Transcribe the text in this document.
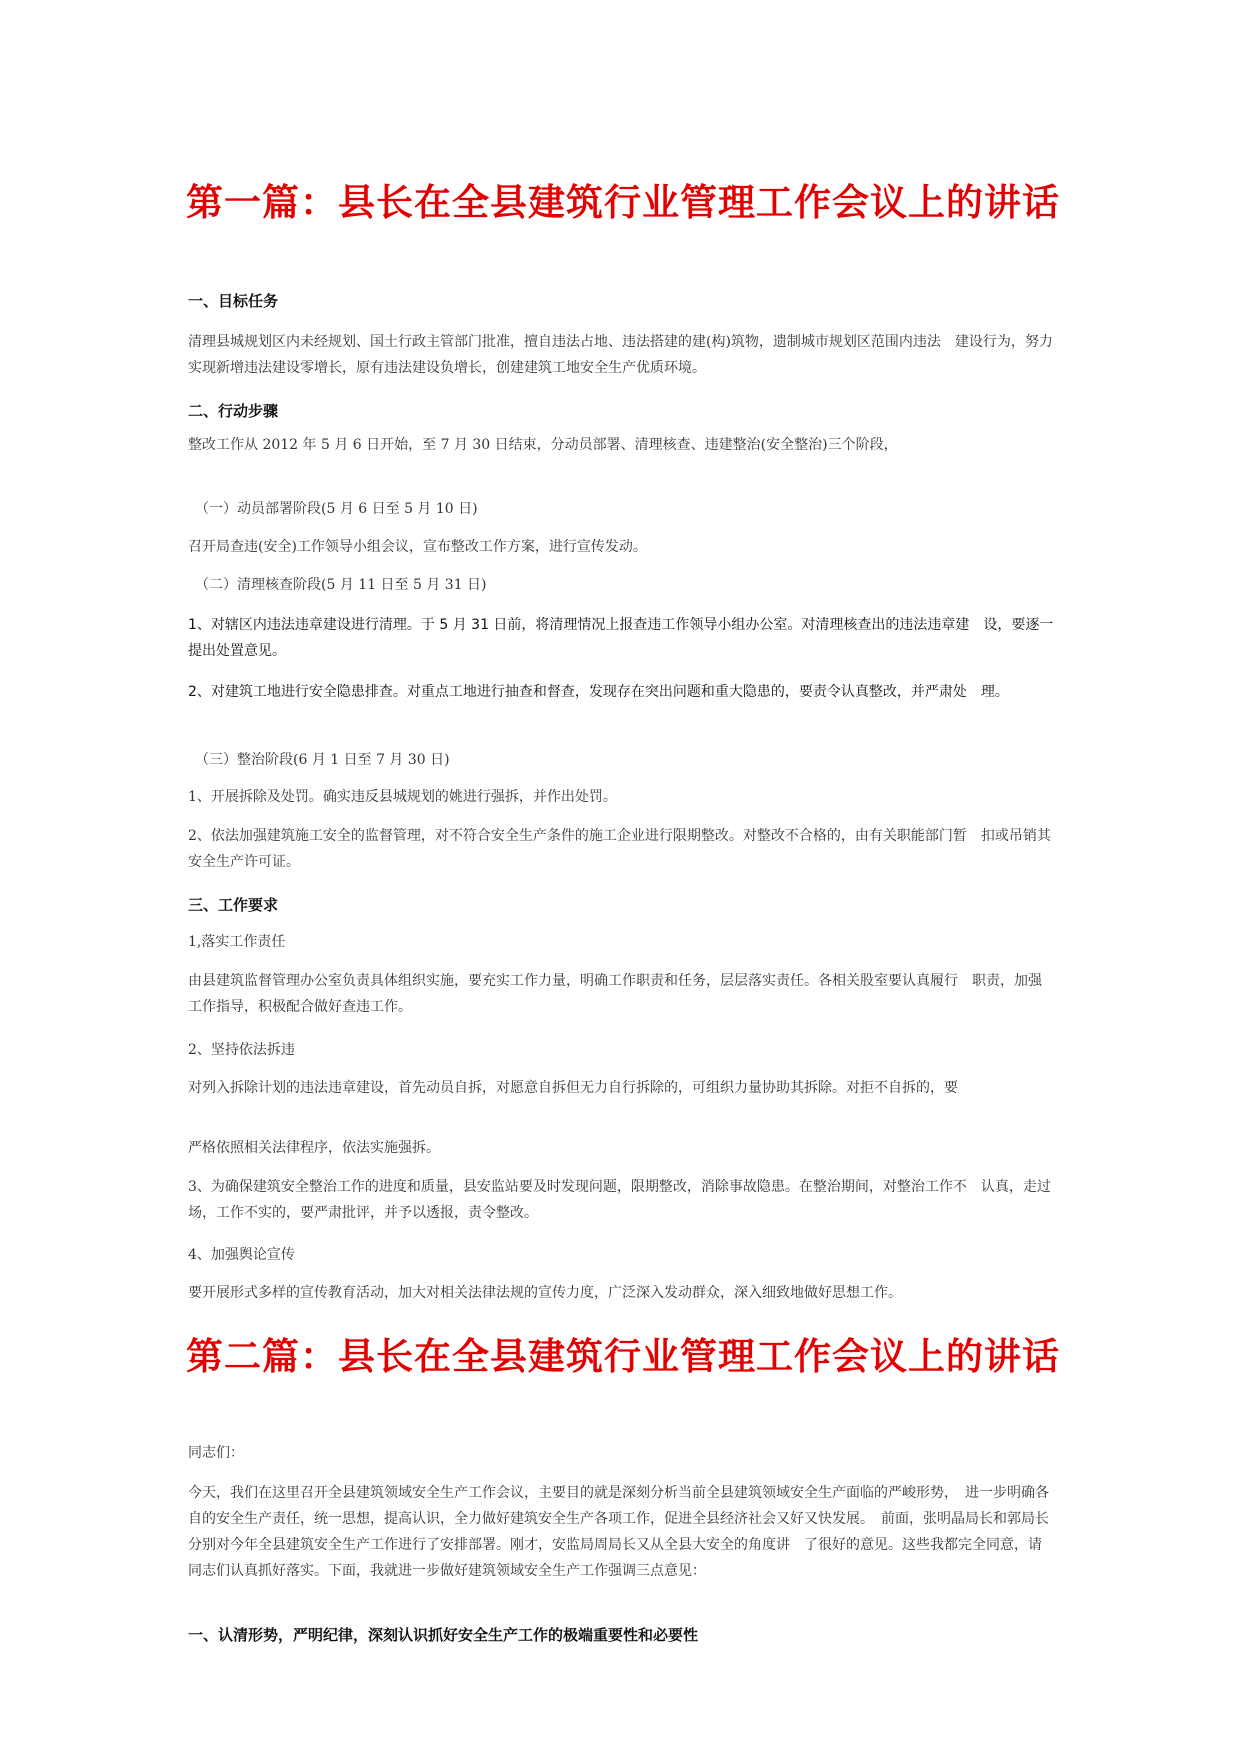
第一篇：县长在全县建筑行业管理工作会议上的讲话
一、目标任务

清理县城规划区内未经规划、国土行政主管部门批准，擅自违法占地、违法搭建的建(构)筑物，遗制城市规划区范围内违法　建设行为，努力实现新增违法建设零增长，原有违法建设负增长，创建建筑工地安全生产优质环境。

二、行动步骤

整改工作从 2012 年 5 月 6 日开始，至 7 月 30 日结束，分动员部署、清理核查、违建整治(安全整治)三个阶段，

（一）动员部署阶段(5 月 6 日至 5 月 10 日)

召开局查违(安全)工作领导小组会议，宣布整改工作方案，进行宣传发动。

（二）清理核查阶段(5 月 11 日至 5 月 31 日)

1、对辖区内违法违章建设进行清理。于 5 月 31 日前，将清理情况上报查违工作领导小组办公室。对清理核查出的违法违章建　设，要逐一提出处置意见。

2、对建筑工地进行安全隐患排查。对重点工地进行抽查和督查，发现存在突出问题和重大隐患的，要责令认真整改，并严肃处　理。

（三）整治阶段(6 月 1 日至 7 月 30 日)

1、开展拆除及处罚。确实违反县城规划的姚进行强拆，并作出处罚。

2、依法加强建筑施工安全的监督管理，对不符合安全生产条件的施工企业进行限期整改。对整改不合格的，由有关职能部门暂　扣或吊销其安全生产许可证。

三、工作要求

1,落实工作责任

由县建筑监督管理办公室负责具体组织实施，要充实工作力量，明确工作职责和任务，层层落实责任。各相关股室要认真履行　职责，加强工作指导，积极配合做好查违工作。

2、坚持依法拆违

对列入拆除计划的违法违章建设，首先动员自拆，对愿意自拆但无力自行拆除的，可组织力量协助其拆除。对拒不自拆的，要

严格依照相关法律程序，依法实施强拆。

3、为确保建筑安全整治工作的进度和质量，县安监站要及时发现问题，限期整改，消除事故隐患。在整治期间，对整治工作不　认真，走过场，工作不实的，要严肃批评，并予以透报，责令整改。

4、加强舆论宣传

要开展形式多样的宣传教育活动，加大对相关法律法规的宣传力度，广泛深入发动群众，深入细致地做好思想工作。

第二篇：县长在全县建筑行业管理工作会议上的讲话

同志们：

今天，我们在这里召开全县建筑领域安全生产工作会议，主要目的就是深刻分析当前全县建筑领域安全生产面临的严峻形势，　进一步明确各自的安全生产责任，统一思想，提高认识，全力做好建筑安全生产各项工作，促进全县经济社会又好又快发展。　前面，张明晶局长和郭局长分别对今年全县建筑安全生产工作进行了安排部署。刚才，安监局周局长又从全县大安全的角度讲　了很好的意见。这些我都完全同意，请同志们认真抓好落实。下面，我就进一步做好建筑领域安全生产工作强调三点意见：

一、认清形势，严明纪律，深刻认识抓好安全生产工作的极端重要性和必要性
